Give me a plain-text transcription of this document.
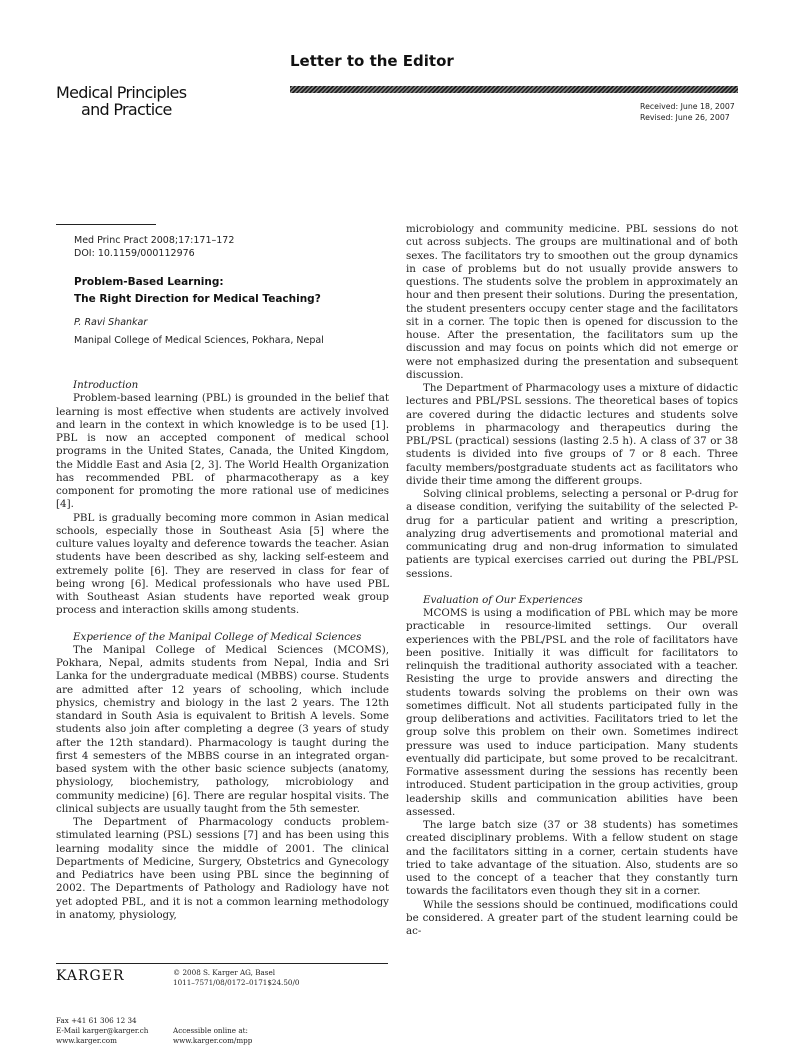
Letter to the Editor
Medical Principles
and Practice	Received: June 18, 2007
Revised: June 26, 2007
Med Princ Pract 2008;17:171–172
DOI: 10.1159/000112976
Problem-Based Learning:
The Right Direction for Medical Teaching?
P. Ravi Shankar
Manipal College of Medical Sciences, Pokhara, Nepal
Introduction

Problem-based learning (PBL) is grounded in the belief that learning is most effective when students are actively involved and learn in the context in which knowledge is to be used [1]. PBL is now an accepted component of medical school programs in the United States, Canada, the United Kingdom, the Middle East and Asia [2, 3]. The World Health Organization has recommended PBL of pharmacotherapy as a key component for promoting the more rational use of medicines [4].

PBL is gradually becoming more common in Asian medical schools, especially those in Southeast Asia [5] where the culture values loyalty and deference towards the teacher. Asian students have been described as shy, lacking self-esteem and extremely polite [6]. They are reserved in class for fear of being wrong [6]. Medical professionals who have used PBL with Southeast Asian students have reported weak group process and interaction skills among students.

Experience of the Manipal College of Medical Sciences

The Manipal College of Medical Sciences (MCOMS), Pokhara, Nepal, admits students from Nepal, India and Sri Lanka for the undergraduate medical (MBBS) course. Students are admitted after 12 years of schooling, which include physics, chemistry and biology in the last 2 years. The 12th standard in South Asia is equivalent to British A levels. Some students also join after completing a degree (3 years of study after the 12th standard). Pharmacology is taught during the first 4 semesters of the MBBS course in an integrated organ-based system with the other basic science subjects (anatomy, physiology, biochemistry, pathology, microbiology and community medicine) [6]. There are regular hospital visits. The clinical subjects are usually taught from the 5th semester.

The Department of Pharmacology conducts problem-stimulated learning (PSL) sessions [7] and has been using this learning modality since the middle of 2001. The clinical Departments of Medicine, Surgery, Obstetrics and Gynecology and Pediatrics have been using PBL since the beginning of 2002. The Departments of Pathology and Radiology have not yet adopted PBL, and it is not a common learning methodology in anatomy, physiology,

microbiology and community medicine. PBL sessions do not cut across subjects. The groups are multinational and of both sexes. The facilitators try to smoothen out the group dynamics in case of problems but do not usually provide answers to questions. The students solve the problem in approximately an hour and then present their solutions. During the presentation, the student presenters occupy center stage and the facilitators sit in a corner. The topic then is opened for discussion to the house. After the presentation, the facilitators sum up the discussion and may focus on points which did not emerge or were not emphasized during the presentation and subsequent discussion.

The Department of Pharmacology uses a mixture of didactic lectures and PBL/PSL sessions. The theoretical bases of topics are covered during the didactic lectures and students solve problems in pharmacology and therapeutics during the PBL/PSL (practical) sessions (lasting 2.5 h). A class of 37 or 38 students is divided into five groups of 7 or 8 each. Three faculty members/postgraduate students act as facilitators who divide their time among the different groups.

Solving clinical problems, selecting a personal or P-drug for a disease condition, verifying the suitability of the selected P-drug for a particular patient and writing a prescription, analyzing drug advertisements and promotional material and communicating drug and non-drug information to simulated patients are typical exercises carried out during the PBL/PSL sessions.

Evaluation of Our Experiences

MCOMS is using a modification of PBL which may be more practicable in resource-limited settings. Our overall experiences with the PBL/PSL and the role of facilitators have been positive. Initially it was difficult for facilitators to relinquish the traditional authority associated with a teacher. Resisting the urge to provide answers and directing the students towards solving the problems on their own was sometimes difficult. Not all students participated fully in the group deliberations and activities. Facilitators tried to let the group solve this problem on their own. Sometimes indirect pressure was used to induce participation. Many students eventually did participate, but some proved to be recalcitrant. Formative assessment during the sessions has recently been introduced. Student participation in the group activities, group leadership skills and communication abilities have been assessed.

The large batch size (37 or 38 students) has sometimes created disciplinary problems. With a fellow student on stage and the facilitators sitting in a corner, certain students have tried to take advantage of the situation. Also, students are so used to the concept of a teacher that they constantly turn towards the facilitators even though they sit in a corner.

While the sessions should be continued, modifications could be considered. A greater part of the student learning could be ac-

KARGER
Fax +41 61 306 12 34
E-Mail karger@karger.ch
www.karger.com
© 2008 S. Karger AG, Basel
1011–7571/08/0172–0171$24.50/0
Accessible online at:
www.karger.com/mpp
